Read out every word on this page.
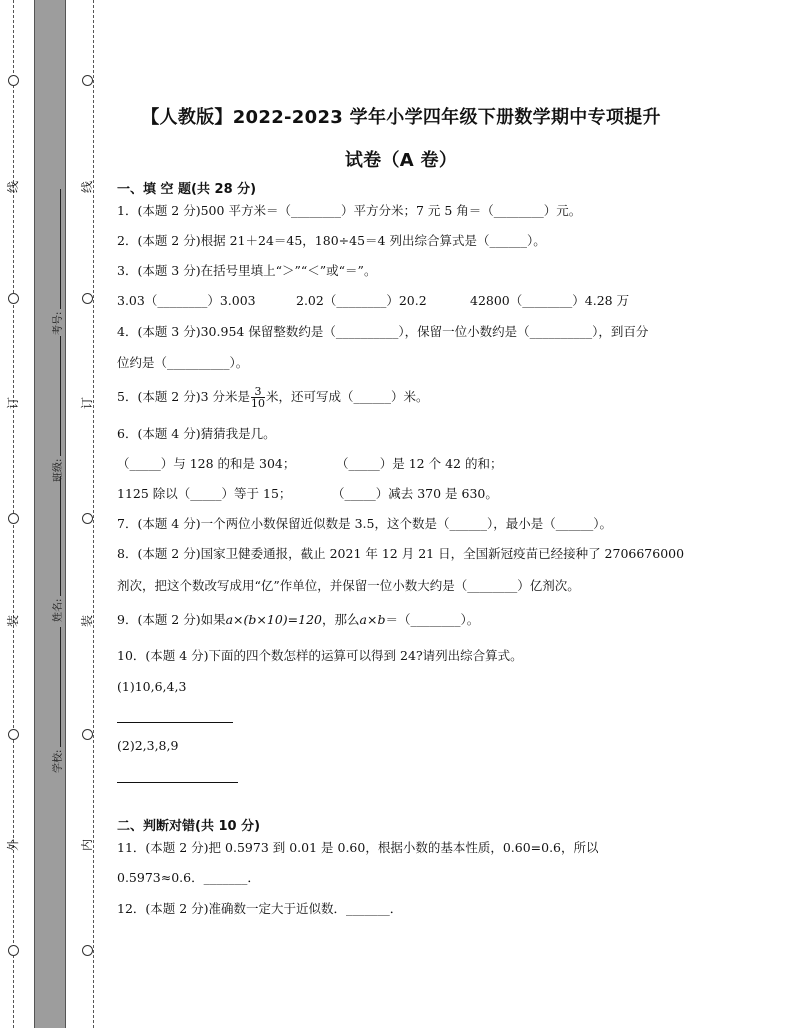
线
订
装
外
线
订
装
内
考号:
班级:
姓名:
学校:
【人教版】2022-2023 学年小学四年级下册数学期中专项提升
试卷（A 卷）
一、填 空 题(共 28 分)
1．(本题 2 分)500 平方米＝（________）平方分米；7 元 5 角＝（________）元。
2．(本题 2 分)根据 21＋24＝45，180÷45＝4 列出综合算式是（______）。
3．(本题 3 分)在括号里填上“＞”“＜”或“＝”。
3.03（________）3.003	2.02（________）20.2	42800（________）4.28 万
4．(本题 3 分)30.954 保留整数约是（__________），保留一位小数约是（__________），到百分
位约是（__________）。
5．(本题 2 分)3 分米是 $\frac{3}{10}$ 米，还可写成（______）米。
6．(本题 4 分)猜猜我是几。
（_____）与 128 的和是 304；	（_____）是 12 个 42 的和；
1125 除以（_____）等于 15；	（_____）减去 370 是 630。
7．(本题 4 分)一个两位小数保留近似数是 3.5，这个数是（______），最小是（______）。
8．(本题 2 分)国家卫健委通报，截止 2021 年 12 月 21 日，全国新冠疫苗已经接种了 2706676000
剂次，把这个数改写成用“亿”作单位，并保留一位小数大约是（________）亿剂次。
9．(本题 2 分)如果a×(b×10)=120，那么a×b＝（________）。
10．(本题 4 分)下面的四个数怎样的运算可以得到 24?请列出综合算式。
(1)10,6,4,3
(2)2,3,8,9
二、判断对错(共 10 分)
11．(本题 2 分)把 0.5973 到 0.01 是 0.60，根据小数的基本性质，0.60=0.6，所以
0.5973≈0.6．_______．
12．(本题 2 分)准确数一定大于近似数．_______．
